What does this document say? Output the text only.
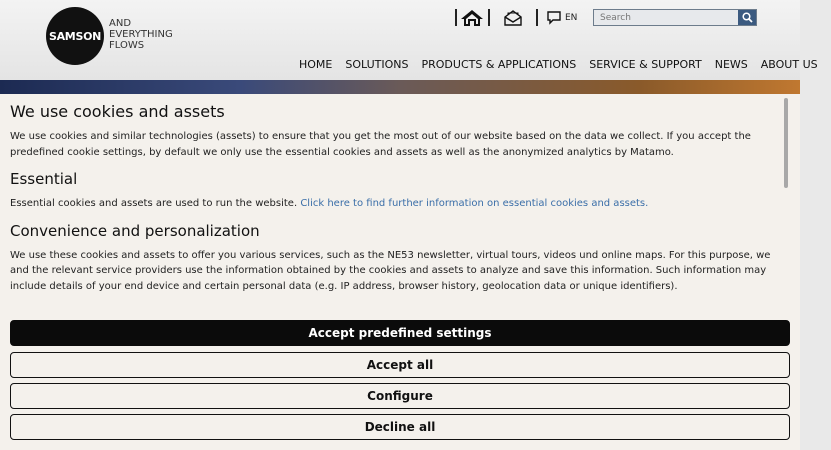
SAMSON
AND
EVERYTHING
FLOWS
EN
Search
HOME SOLUTIONS PRODUCTS & APPLICATIONS SERVICE & SUPPORT NEWS ABOUT US
We use cookies and assets

We use cookies and similar technologies (assets) to ensure that you get the most out of our website based on the data we collect. If you accept the predefined cookie settings, by default we only use the essential cookies and assets as well as the anonymized analytics by Matamo.

Essential

Essential cookies and assets are used to run the website. Click here to find further information on essential cookies and assets.

Convenience and personalization

We use these cookies and assets to offer you various services, such as the NE53 newsletter, virtual tours, videos und online maps. For this purpose, we and the relevant service providers use the information obtained by the cookies and assets to analyze and save this information. Such information may include details of your end device and certain personal data (e.g. IP address, browser history, geolocation data or unique identifiers).

Accept predefined settings
Accept all
Configure
Decline all
